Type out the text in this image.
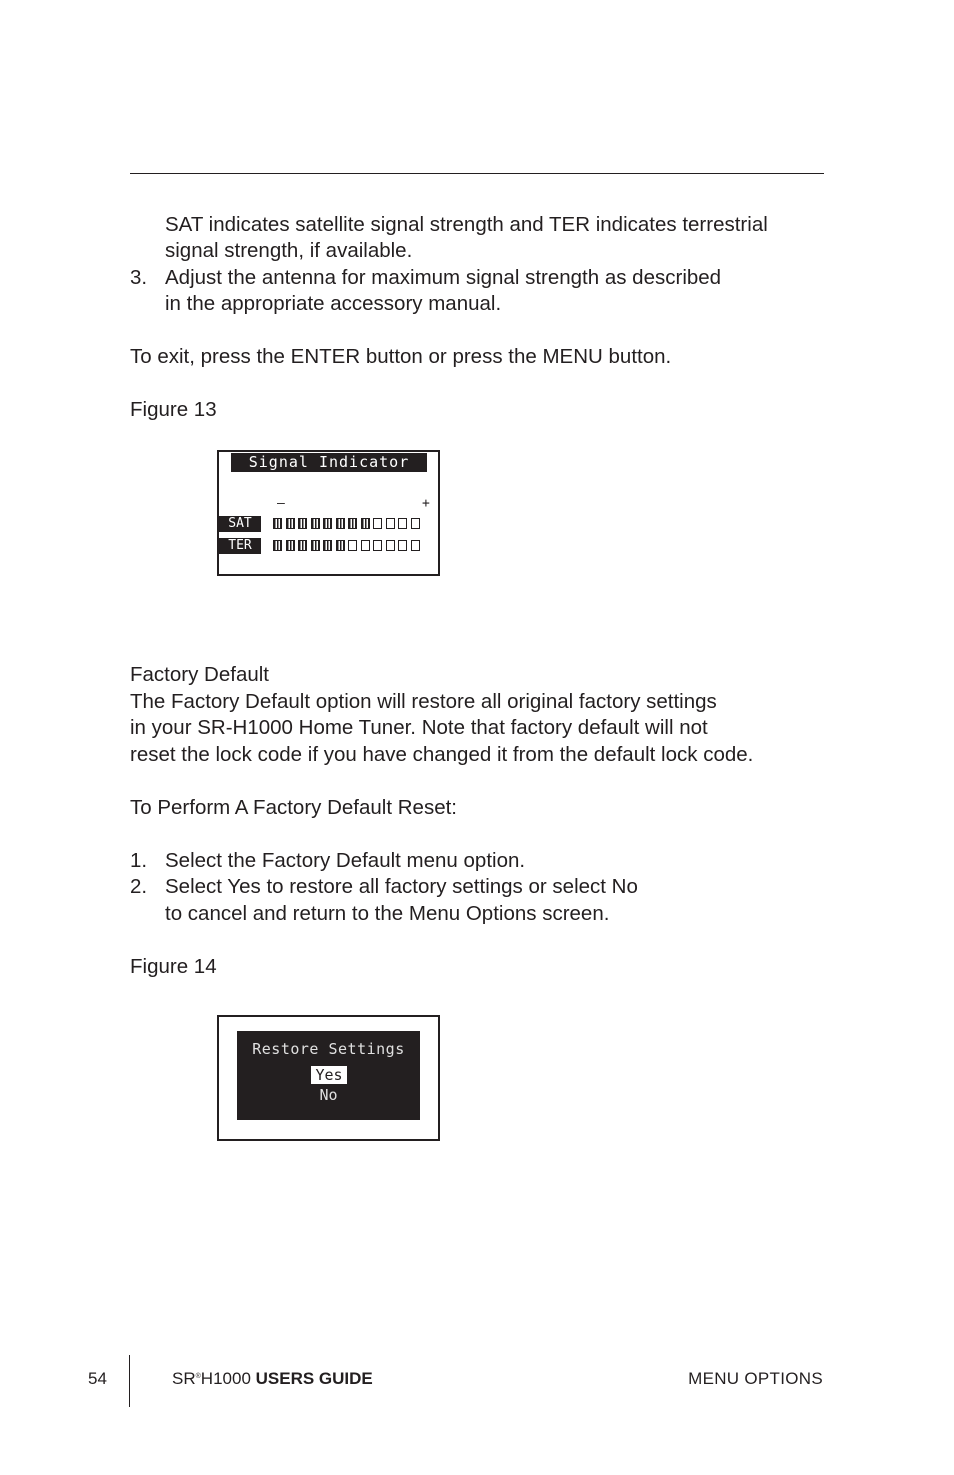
SAT indicates satellite signal strength and TER indicates terrestrial
signal strength, if available.
3. Adjust the antenna for maximum signal strength as described
in the appropriate accessory manual.
To exit, press the ENTER button or press the MENU button.
Figure 13
Signal Indicator
—	+
SAT
TER
Factory Default
The Factory Default option will restore all original factory settings
in your SR-H1000 Home Tuner. Note that factory default will not
reset the lock code if you have changed it from the default lock code.
To Perform A Factory Default Reset:
1. Select the Factory Default menu option.
2. Select Yes to restore all factory settings or select No
to cancel and return to the Menu Options screen.
Figure 14
Restore Settings
Yes
No
54	SR®H1000 USERS GUIDE	MENU OPTIONS
